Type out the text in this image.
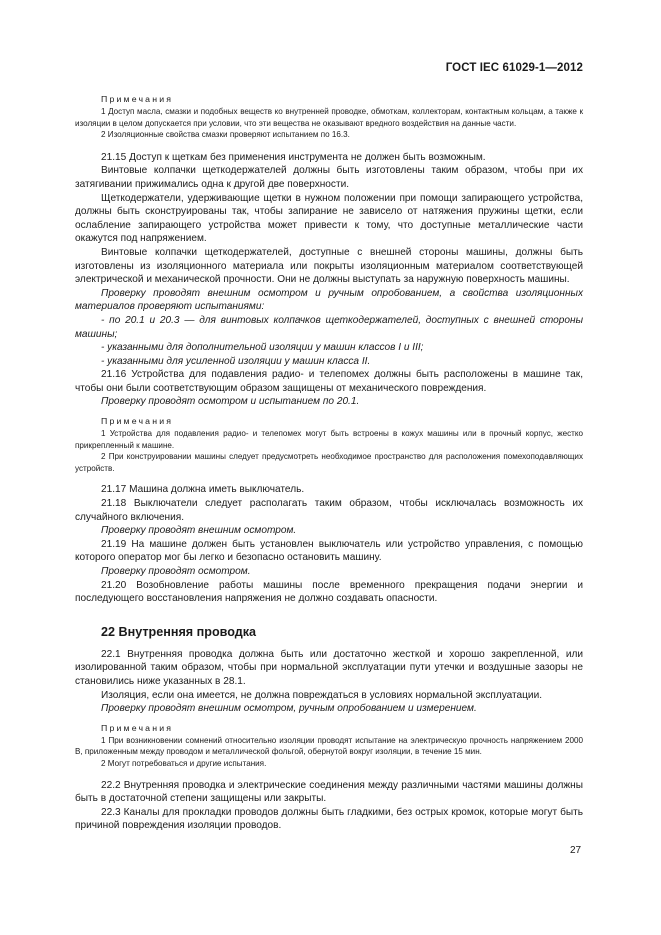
ГОСТ IEC 61029-1—2012

Примечания

1 Доступ масла, смазки и подобных веществ ко внутренней проводке, обмоткам, коллекторам, контактным кольцам, а также к изоляции в целом допускается при условии, что эти вещества не оказывают вредного воздействия на данные части.

2 Изоляционные свойства смазки проверяют испытанием по 16.3.

21.15 Доступ к щеткам без применения инструмента не должен быть возможным.

Винтовые колпачки щеткодержателей должны быть изготовлены таким образом, чтобы при их затягивании прижимались одна к другой две поверхности.

Щеткодержатели, удерживающие щетки в нужном положении при помощи запирающего устройства, должны быть сконструированы так, чтобы запирание не зависело от натяжения пружины щетки, если ослабление запирающего устройства может привести к тому, что доступные металлические части окажутся под напряжением.

Винтовые колпачки щеткодержателей, доступные с внешней стороны машины, должны быть изготовлены из изоляционного материала или покрыты изоляционным материалом соответствующей электрической и механической прочности. Они не должны выступать за наружную поверхность машины.

Проверку проводят внешним осмотром и ручным опробованием, а свойства изоляционных материалов проверяют испытаниями:

- по 20.1 и 20.3 — для винтовых колпачков щеткодержателей, доступных с внешней стороны машины;

- указанными для дополнительной изоляции у машин классов I и III;

- указанными для усиленной изоляции у машин класса II.

21.16 Устройства для подавления радио- и телепомех должны быть расположены в машине так, чтобы они были соответствующим образом защищены от механического повреждения.

Проверку проводят осмотром и испытанием по 20.1.

Примечания

1 Устройства для подавления радио- и телепомех могут быть встроены в кожух машины или в прочный корпус, жестко прикрепленный к машине.

2 При конструировании машины следует предусмотреть необходимое пространство для расположения помехоподавляющих устройств.

21.17 Машина должна иметь выключатель.

21.18 Выключатели следует располагать таким образом, чтобы исключалась возможность их случайного включения.

Проверку проводят внешним осмотром.

21.19 На машине должен быть установлен выключатель или устройство управления, с помощью которого оператор мог бы легко и безопасно остановить машину.

Проверку проводят осмотром.

21.20 Возобновление работы машины после временного прекращения подачи энергии и последующего восстановления напряжения не должно создавать опасности.

22 Внутренняя проводка

22.1 Внутренняя проводка должна быть или достаточно жесткой и хорошо закрепленной, или изолированной таким образом, чтобы при нормальной эксплуатации пути утечки и воздушные зазоры не становились ниже указанных в 28.1.

Изоляция, если она имеется, не должна повреждаться в условиях нормальной эксплуатации.

Проверку проводят внешним осмотром, ручным опробованием и измерением.

Примечания

1 При возникновении сомнений относительно изоляции проводят испытание на электрическую прочность напряжением 2000 В, приложенным между проводом и металлической фольгой, обернутой вокруг изоляции, в течение 15 мин.

2 Могут потребоваться и другие испытания.

22.2 Внутренняя проводка и электрические соединения между различными частями машины должны быть в достаточной степени защищены или закрыты.

22.3 Каналы для прокладки проводов должны быть гладкими, без острых кромок, которые могут быть причиной повреждения изоляции проводов.

27
